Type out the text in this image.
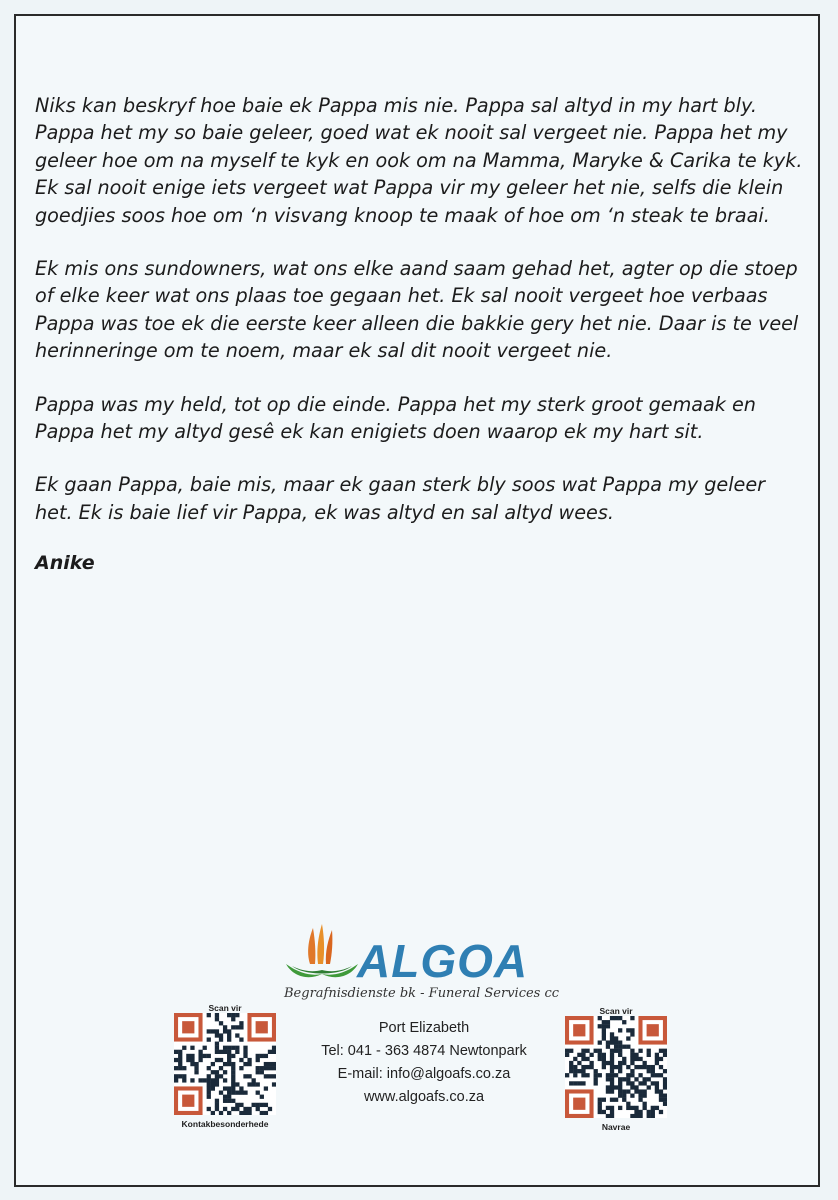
Niks kan beskryf hoe baie ek Pappa mis nie. Pappa sal altyd in my hart bly. Pappa het my so baie geleer, goed wat ek nooit sal vergeet nie. Pappa het my geleer hoe om na myself te kyk en ook om na Mamma, Maryke & Carika te kyk. Ek sal nooit enige iets vergeet wat Pappa vir my geleer het nie, selfs die klein goedjies soos hoe om ‘n visvang knoop te maak of hoe om ‘n steak te braai.

Ek mis ons sundowners, wat ons elke aand saam gehad het, agter op die stoep of elke keer wat ons plaas toe gegaan het. Ek sal nooit vergeet hoe verbaas Pappa was toe ek die eerste keer alleen die bakkie gery het nie. Daar is te veel herinneringe om te noem, maar ek sal dit nooit vergeet nie.

Pappa was my held, tot op die einde. Pappa het my sterk groot gemaak en Pappa het my altyd gesê ek kan enigiets doen waarop ek my hart sit.

Ek gaan Pappa, baie mis, maar ek gaan sterk bly soos wat Pappa my geleer het. Ek is baie lief vir Pappa, ek was altyd en sal altyd wees.

Anike
ALGOA
Begrafnisdienste bk - Funeral Services cc
Port Elizabeth
Tel: 041 - 363 4874 Newtonpark
E-mail: info@algoafs.co.za
www.algoafs.co.za
Scan vir
Kontakbesonderhede
Scan vir
Navrae
